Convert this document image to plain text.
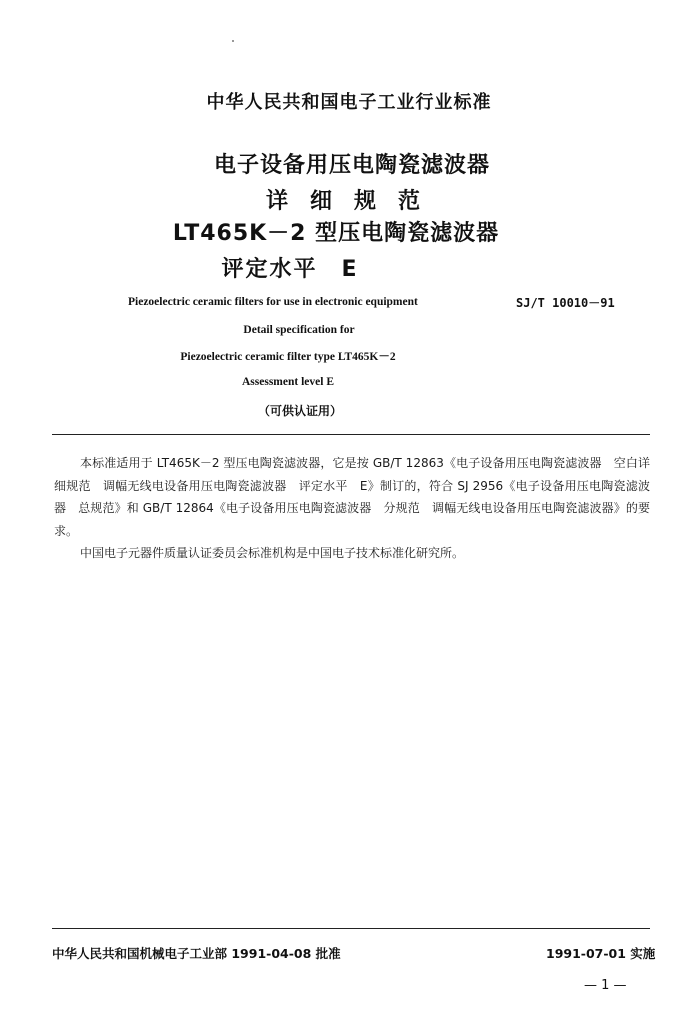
中华人民共和国电子工业行业标准
电子设备用压电陶瓷滤波器
详细规范
LT465K－2 型压电陶瓷滤波器
评定水平　E
Piezoelectric ceramic filters for use in electronic equipment	SJ/T 10010－91
Detail specification for
Piezoelectric ceramic filter type LT465K－2
Assessment level E
（可供认证用）

本标准适用于 LT465K－2 型压电陶瓷滤波器，它是按 GB/T 12863《电子设备用压电陶瓷滤波器　空白详细规范　调幅无线电设备用压电陶瓷滤波器　评定水平　E》制订的，符合 SJ 2956《电子设备用压电陶瓷滤波器　总规范》和 GB/T 12864《电子设备用压电陶瓷滤波器　分规范　调幅无线电设备用压电陶瓷滤波器》的要求。

中国电子元器件质量认证委员会标准机构是中国电子技术标准化研究所。

中华人民共和国机械电子工业部 1991-04-08 批准	1991-07-01 实施
— 1 —
